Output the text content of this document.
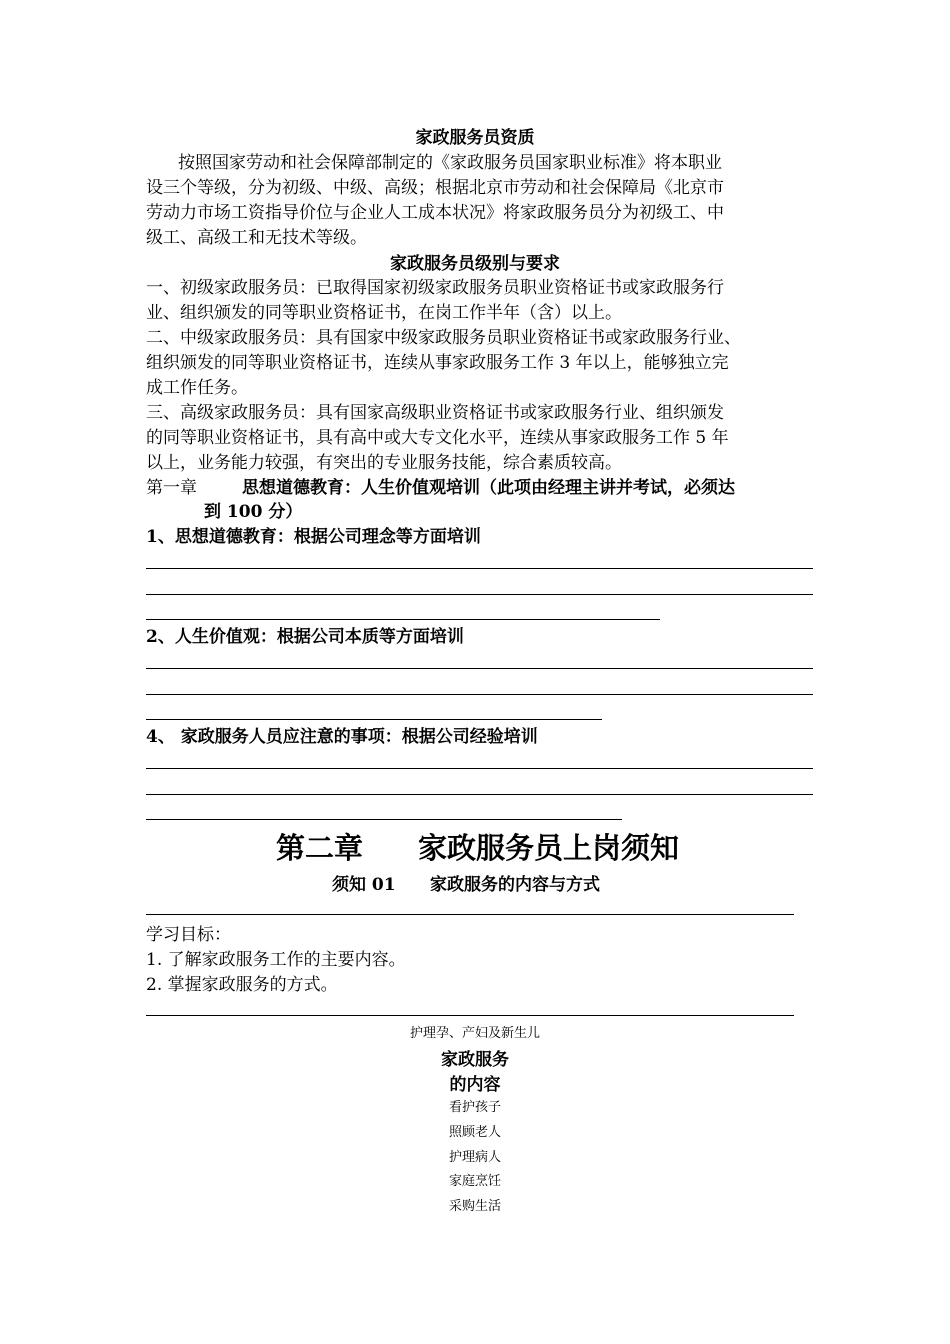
家政服务员资质
按照国家劳动和社会保障部制定的《家政服务员国家职业标准》将本职业
设三个等级，分为初级、中级、高级；根据北京市劳动和社会保障局《北京市
劳动力市场工资指导价位与企业人工成本状况》将家政服务员分为初级工、中
级工、高级工和无技术等级。
家政服务员级别与要求
一、初级家政服务员：已取得国家初级家政服务员职业资格证书或家政服务行
业、组织颁发的同等职业资格证书，在岗工作半年（含）以上。
二、中级家政服务员：具有国家中级家政服务员职业资格证书或家政服务行业、
组织颁发的同等职业资格证书，连续从事家政服务工作 3 年以上，能够独立完
成工作任务。
三、高级家政服务员：具有国家高级职业资格证书或家政服务行业、组织颁发
的同等职业资格证书，具有高中或大专文化水平，连续从事家政服务工作 5 年
以上，业务能力较强，有突出的专业服务技能，综合素质较高。
第一章	思想道德教育：人生价值观培训（此项由经理主讲并考试，必须达
到 100 分）
1、思想道德教育：根据公司理念等方面培训
2、人生价值观：根据公司本质等方面培训
4、 家政服务人员应注意的事项：根据公司经验培训
第二章 家政服务员上岗须知
须知 01 家政服务的内容与方式
学习目标：
1. 了解家政服务工作的主要内容。
2. 掌握家政服务的方式。
护理孕、产妇及新生儿
家政服务
的内容
看护孩子
照顾老人
护理病人
家庭烹饪
采购生活
